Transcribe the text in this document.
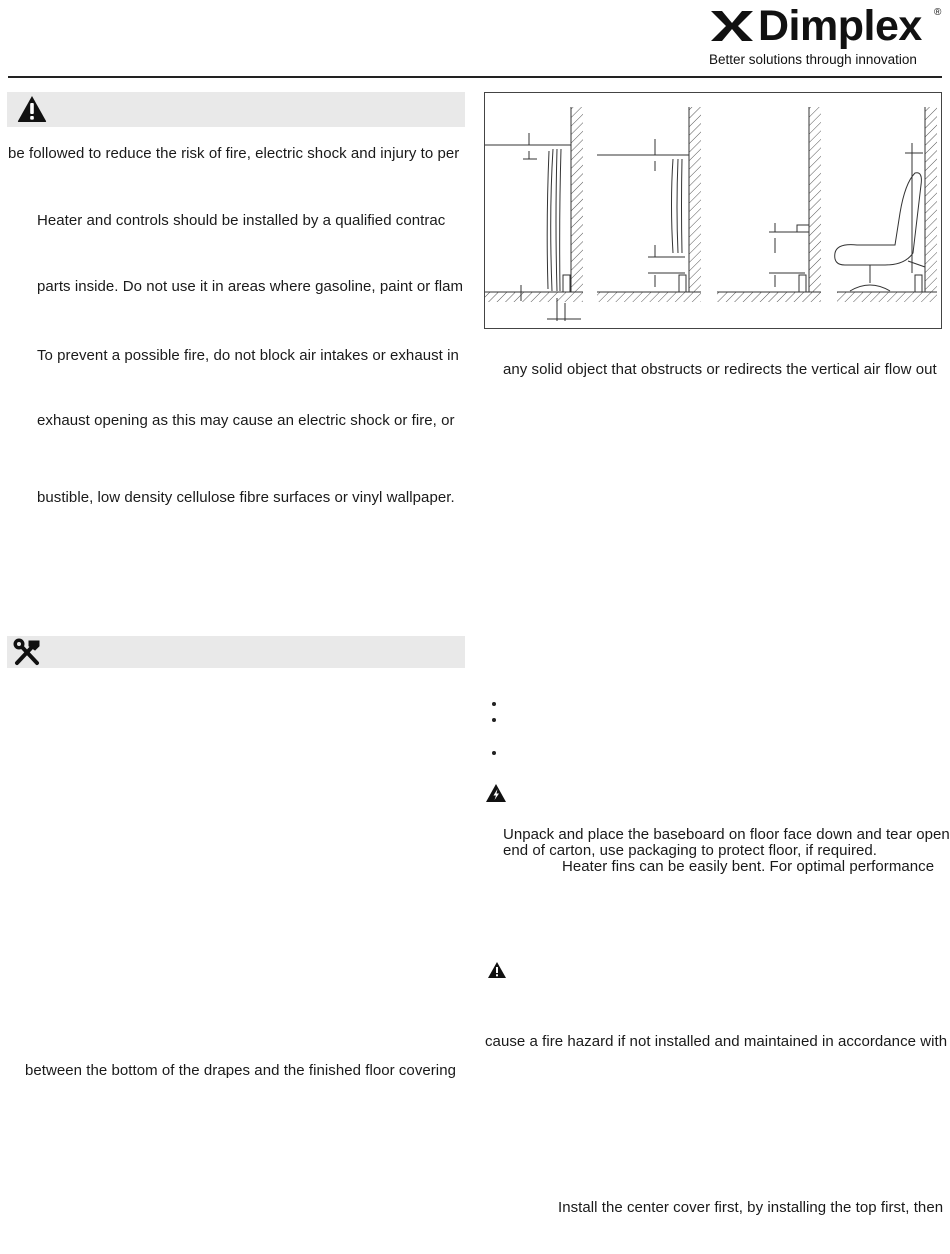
Dimplex ®
Better solutions through innovation
be followed to reduce the risk of fire, electric shock and injury to per
Heater and controls should be installed by a qualified contrac
parts inside. Do not use it in areas where gasoline, paint or flam
To prevent a possible fire, do not block air intakes or exhaust in
exhaust opening as this may cause an electric shock or fire, or
bustible, low density cellulose fibre surfaces or vinyl wallpaper.
between the bottom of the drapes and the finished floor covering
any solid object that obstructs or redirects the vertical air flow out
Unpack and place the baseboard on floor face down and tear open
end of carton, use packaging to protect floor, if required.
Heater fins can be easily bent. For optimal performance
cause a fire hazard if not installed and maintained in accordance with
Install the center cover first, by installing the top first, then
